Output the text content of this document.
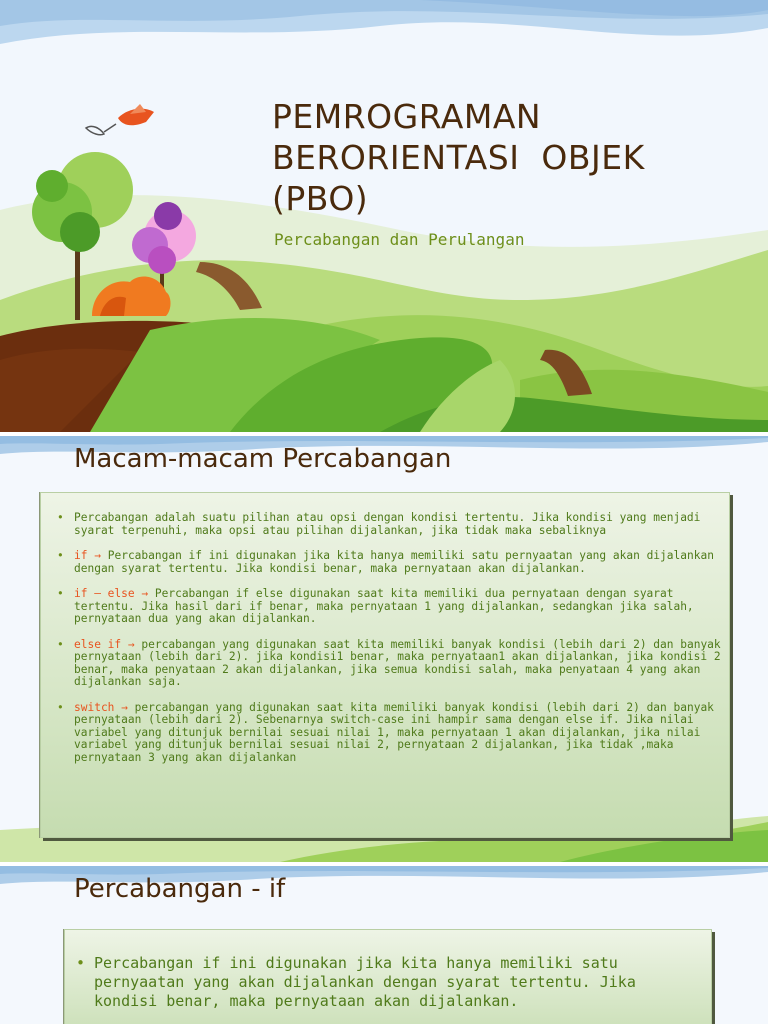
PEMROGRAMAN
BERORIENTASI  OBJEK
(PBO)
Percabangan dan Perulangan
Macam-macam Percabangan
• Percabangan adalah suatu pilihan atau opsi dengan kondisi tertentu. Jika kondisi yang menjadi syarat terpenuhi, maka opsi atau pilihan dijalankan, jika tidak maka sebaliknya
• if → Percabangan if ini digunakan jika kita hanya memiliki satu pernyaatan yang akan dijalankan dengan syarat tertentu. Jika kondisi benar, maka pernyataan akan dijalankan.
• if – else → Percabangan if else digunakan saat kita memiliki dua pernyataan dengan syarat tertentu. Jika hasil dari if benar, maka pernyataan 1 yang dijalankan, sedangkan jika salah, pernyataan dua yang akan dijalankan.
• else if → percabangan yang digunakan saat kita memiliki banyak kondisi (lebih dari 2) dan banyak pernyataan (lebih dari 2). jika kondisi1 benar, maka pernyataan1 akan dijalankan, jika kondisi 2 benar, maka penyataan 2 akan dijalankan, jika semua kondisi salah, maka penyataan 4 yang akan dijalankan saja.
• switch → percabangan yang digunakan saat kita memiliki banyak kondisi (lebih dari 2) dan banyak pernyataan (lebih dari 2). Sebenarnya switch-case ini hampir sama dengan else if. Jika nilai variabel yang ditunjuk bernilai sesuai nilai 1, maka pernyataan 1 akan dijalankan, jika nilai variabel yang ditunjuk bernilai sesuai nilai 2, pernyataan 2 dijalankan, jika tidak ,maka pernyataan 3 yang akan dijalankan
Percabangan - if
• Percabangan if ini digunakan jika kita hanya memiliki satu pernyaatan yang akan dijalankan dengan syarat tertentu. Jika kondisi benar, maka pernyataan akan dijalankan.
